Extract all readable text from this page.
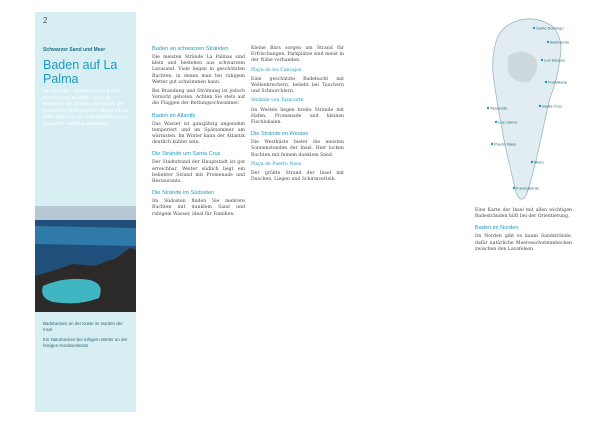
2
Schwarzer Sand und Meer
Baden auf La Palma
La Palma gilt – ebenso wie die größte Nachbarinsel Teneriffa – nicht als Badeinsel. Die Strände sind kleiner, der Sand meist dunkel und der Atlantik oft rau. Dafür bieten sie viel Ursprünglichkeit und erstaunlich vielfältige Badeplätze.
Badebecken an der Küste im Norden der Insel
Ein Naturbecken bei ruhigem Wetter an der felsigen Nordwestküste
Baden an schwarzen Stränden

Die meisten Strände La Palmas sind klein und bestehen aus schwarzem Lavasand. Viele liegen in geschützten Buchten, in denen man bei ruhigem Wetter gut schwimmen kann.

Bei Brandung und Strömung ist jedoch Vorsicht geboten. Achten Sie stets auf die Flaggen der Rettungsschwimmer.

Baden im Atlantik

Das Wasser ist ganzjährig angenehm temperiert und im Spätsommer am wärmsten. Im Winter kann der Atlantik deutlich kühler sein.

Die Strände um Santa Cruz

Der Stadtstrand der Hauptstadt ist gut erreichbar. Weiter südlich liegt ein beliebter Strand mit Promenade und Restaurants.

Die Strände im Südosten

Im Südosten finden Sie mehrere Buchten mit dunklem Sand und ruhigem Wasser, ideal für Familien.

Kleine Bars sorgen am Strand für Erfrischungen. Parkplätze sind meist in der Nähe vorhanden.

Playa de los Cancajos

Eine geschützte Badebucht mit Wellenbrechern, beliebt bei Tauchern und Schnorchlern.

Strände von Tazacorte

Im Westen liegen breite Strände mit Hafen, Promenade und kleinen Fischlokalen.

Die Strände im Westen

Die Westküste bietet die meisten Sonnenstunden der Insel. Hier locken Buchten mit feinem dunklem Sand.

Playa de Puerto Naos

Der größte Strand der Insel mit Duschen, Liegen und Schirmverleih.

Santo Domingo
Barlovento
Los Sauces
Puntallana
Santa Cruz
Tazacorte
Los Llanos
Puerto Naos
Fuencaliente
Mazo

Eine Karte der Insel mit allen wichtigen Badestränden hilft bei der Orientierung.

Baden im Norden

Im Norden gibt es kaum Sandstrände, dafür natürliche Meeresschwimmbecken zwischen den Lavafelsen.
